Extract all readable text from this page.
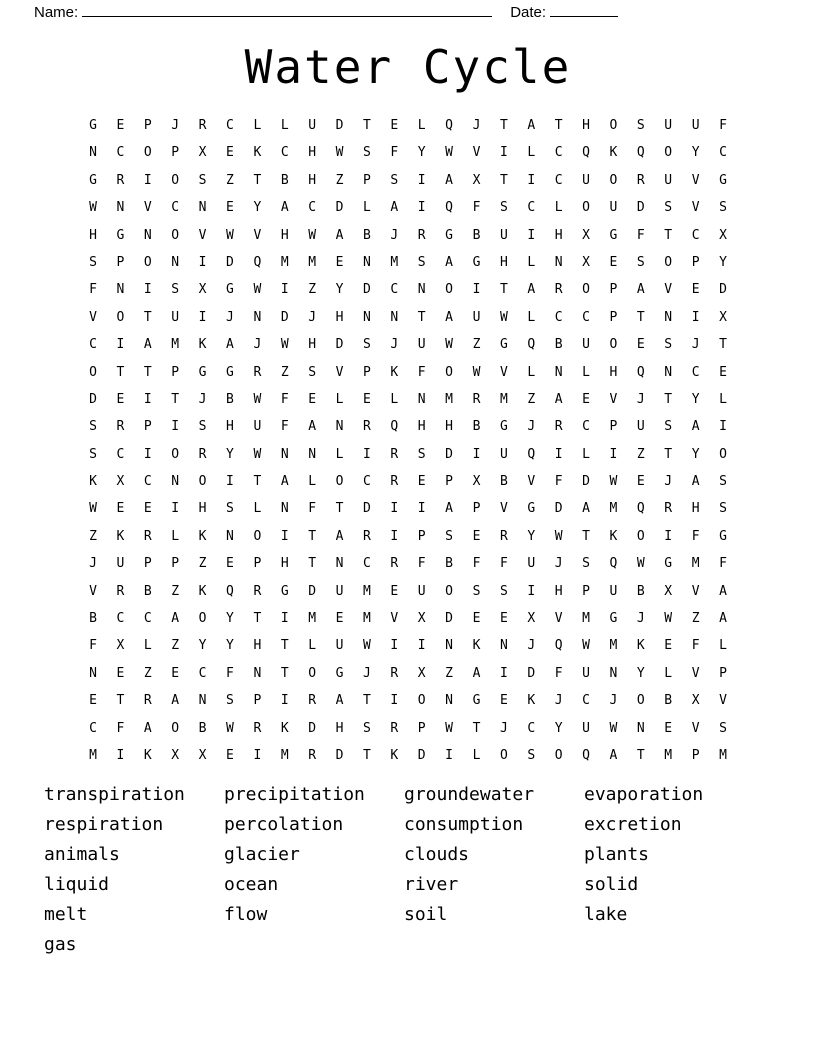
Name:	Date:
Water Cycle
G	E	P	J	R	C	L	L	U	D	T	E	L	Q	J	T	A	T	H	O	S	U	U	F
N	C	O	P	X	E	K	C	H	W	S	F	Y	W	V	I	L	C	Q	K	Q	O	Y	C
G	R	I	O	S	Z	T	B	H	Z	P	S	I	A	X	T	I	C	U	O	R	U	V	G
W	N	V	C	N	E	Y	A	C	D	L	A	I	Q	F	S	C	L	O	U	D	S	V	S
H	G	N	O	V	W	V	H	W	A	B	J	R	G	B	U	I	H	X	G	F	T	C	X
S	P	O	N	I	D	Q	M	M	E	N	M	S	A	G	H	L	N	X	E	S	O	P	Y
F	N	I	S	X	G	W	I	Z	Y	D	C	N	O	I	T	A	R	O	P	A	V	E	D
V	O	T	U	I	J	N	D	J	H	N	N	T	A	U	W	L	C	C	P	T	N	I	X
C	I	A	M	K	A	J	W	H	D	S	J	U	W	Z	G	Q	B	U	O	E	S	J	T
O	T	T	P	G	G	R	Z	S	V	P	K	F	O	W	V	L	N	L	H	Q	N	C	E
D	E	I	T	J	B	W	F	E	L	E	L	N	M	R	M	Z	A	E	V	J	T	Y	L
S	R	P	I	S	H	U	F	A	N	R	Q	H	H	B	G	J	R	C	P	U	S	A	I
S	C	I	O	R	Y	W	N	N	L	I	R	S	D	I	U	Q	I	L	I	Z	T	Y	O
K	X	C	N	O	I	T	A	L	O	C	R	E	P	X	B	V	F	D	W	E	J	A	S
W	E	E	I	H	S	L	N	F	T	D	I	I	A	P	V	G	D	A	M	Q	R	H	S
Z	K	R	L	K	N	O	I	T	A	R	I	P	S	E	R	Y	W	T	K	O	I	F	G
J	U	P	P	Z	E	P	H	T	N	C	R	F	B	F	F	U	J	S	Q	W	G	M	F
V	R	B	Z	K	Q	R	G	D	U	M	E	U	O	S	S	I	H	P	U	B	X	V	A
B	C	C	A	O	Y	T	I	M	E	M	V	X	D	E	E	X	V	M	G	J	W	Z	A
F	X	L	Z	Y	Y	H	T	L	U	W	I	I	N	K	N	J	Q	W	M	K	E	F	L
N	E	Z	E	C	F	N	T	O	G	J	R	X	Z	A	I	D	F	U	N	Y	L	V	P
E	T	R	A	N	S	P	I	R	A	T	I	O	N	G	E	K	J	C	J	O	B	X	V
C	F	A	O	B	W	R	K	D	H	S	R	P	W	T	J	C	Y	U	W	N	E	V	S
M	I	K	X	X	E	I	M	R	D	T	K	D	I	L	O	S	O	Q	A	T	M	P	M
transpiration	precipitation	groundewater	evaporation
respiration	percolation	consumption	excretion
animals	glacier	clouds	plants
liquid	ocean	river	solid
melt	flow	soil	lake
gas
